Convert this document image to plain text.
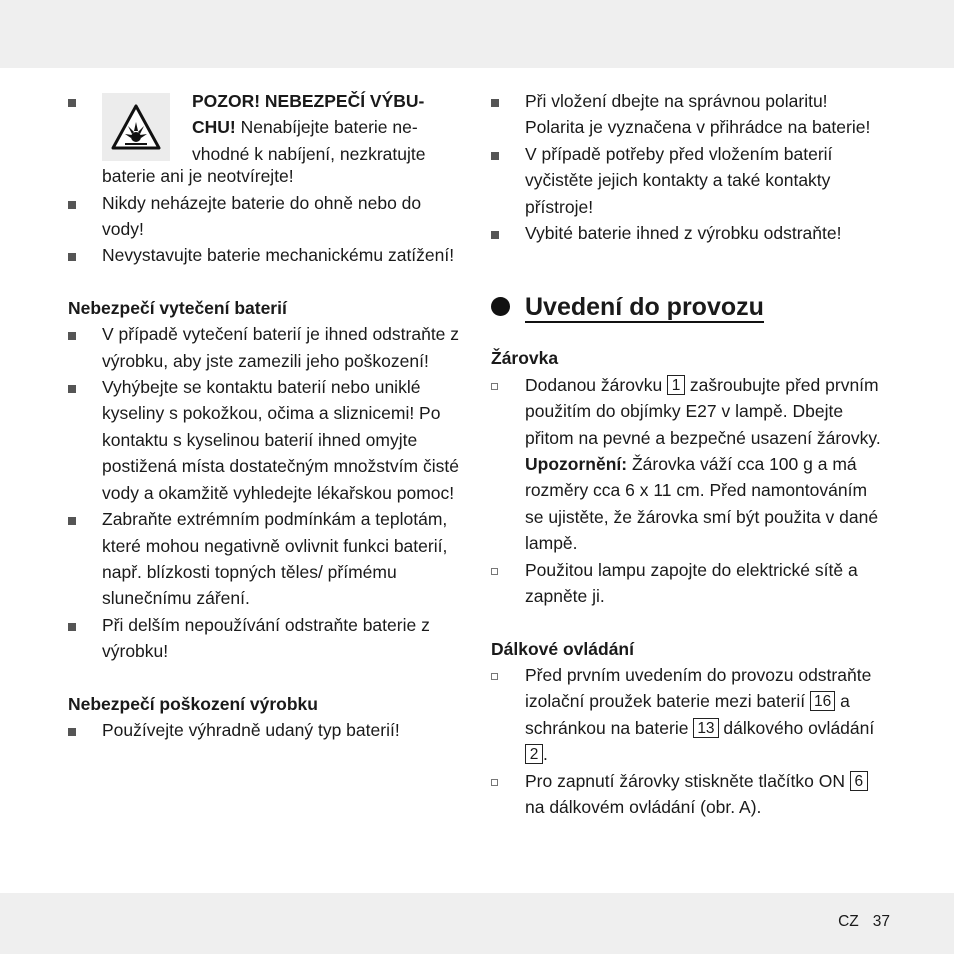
POZOR! NEBEZPEČÍ VÝBU-
CHU! Nenabíjejte baterie ne-
vhodné k nabíjení, nezkratujte
baterie ani je neotvírejte!
Nikdy neházejte baterie do ohně nebo do vody!
Nevystavujte baterie mechanickému zatížení!
Nebezpečí vytečení baterií
V případě vytečení baterií je ihned odstraňte z výrobku, aby jste zamezili jeho poškození!
Vyhýbejte se kontaktu baterií nebo uniklé kyseliny s pokožkou, očima a sliznicemi! Po kontaktu s kyselinou baterií ihned omyjte postižená místa dostatečným množstvím čisté vody a okamžitě vyhledejte lékařskou pomoc!
Zabraňte extrémním podmínkám a teplotám, které mohou negativně ovlivnit funkci baterií, např. blízkosti topných těles/ přímému slunečnímu záření.
Při delším nepoužívání odstraňte baterie z výrobku!
Nebezpečí poškození výrobku
Používejte výhradně udaný typ baterií!
Při vložení dbejte na správnou polaritu! Polarita je vyznačena v přihrádce na baterie!
V případě potřeby před vložením baterií vyčistěte jejich kontakty a také kontakty přístroje!
Vybité baterie ihned z výrobku odstraňte!
Uvedení do provozu
Žárovka
Dodanou žárovku 1 zašroubujte před prvním použitím do objímky E27 v lampě. Dbejte přitom na pevné a bezpečné usazení žárovky.
Upozornění: Žárovka váží cca 100 g a má rozměry cca 6 x 11 cm. Před namontováním se ujistěte, že žárovka smí být použita v dané lampě.
Použitou lampu zapojte do elektrické sítě a zapněte ji.
Dálkové ovládání
Před prvním uvedením do provozu odstraňte izolační proužek baterie mezi baterií 16 a schránkou na baterie 13 dálkového ovládání 2 .
Pro zapnutí žárovky stiskněte tlačítko ON 6 na dálkovém ovládání (obr. A).
CZ 37
